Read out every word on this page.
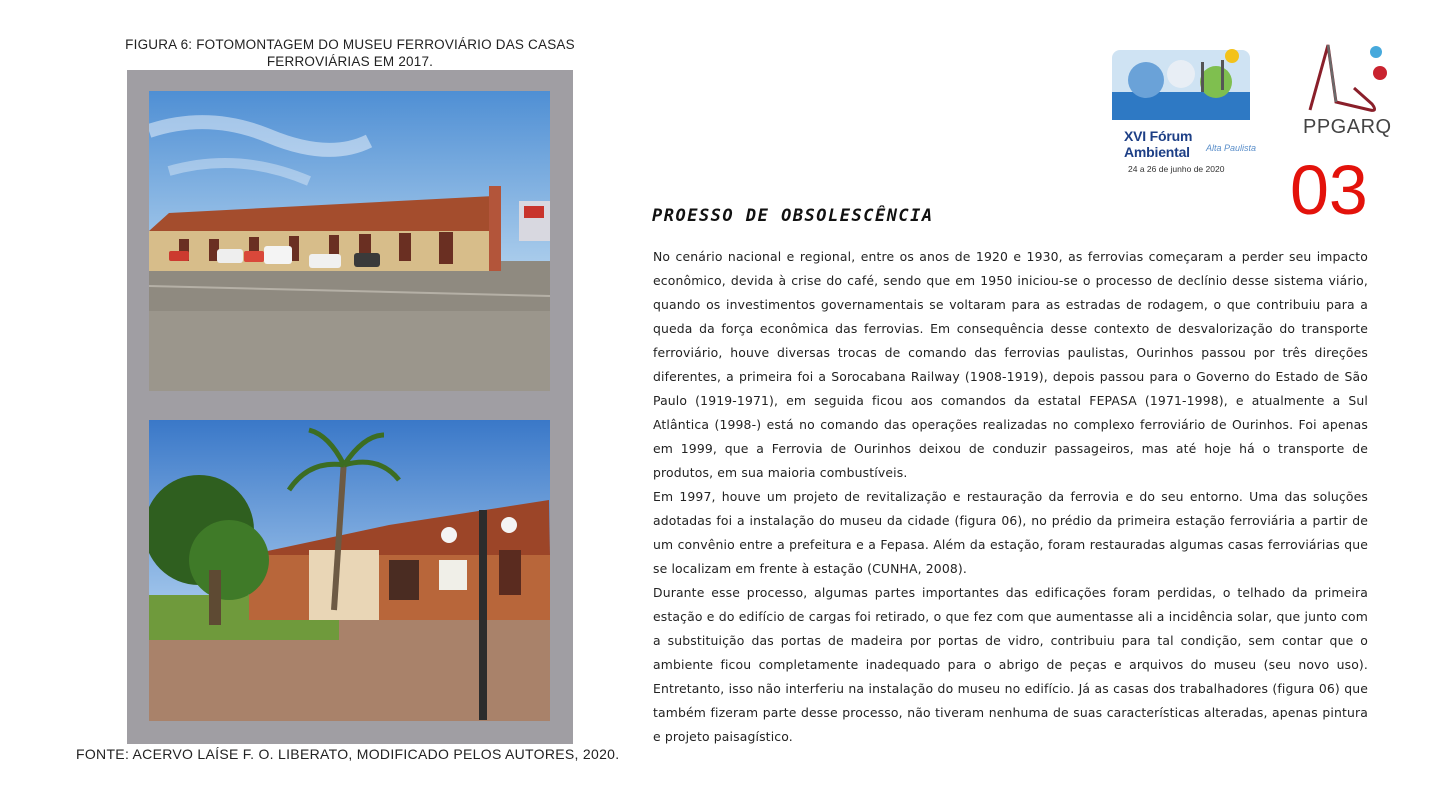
FIGURA 6: FOTOMONTAGEM DO MUSEU FERROVIÁRIO DAS CASAS FERROVIÁRIAS EM 2017.
FONTE: ACERVO LAÍSE F. O. LIBERATO, MODIFICADO PELOS AUTORES, 2020.
XVI Fórum Ambiental	Alta Paulista
24 a 26 de junho de 2020
PPGARQ
03
PROESSO DE OBSOLESCÊNCIA

No cenário nacional e regional, entre os anos de 1920 e 1930, as ferrovias começaram a perder seu impacto econômico, devida à crise do café, sendo que em 1950 iniciou-se o processo de declínio desse sistema viário, quando os investimentos governamentais se voltaram para as estradas de rodagem, o que contribuiu para a queda da força econômica das ferrovias. Em consequência desse contexto de desvalorização do transporte ferroviário, houve diversas trocas de comando das ferrovias paulistas, Ourinhos passou por três direções diferentes, a primeira foi a Sorocabana Railway (1908-1919), depois passou para o Governo do Estado de São Paulo (1919-1971), em seguida ficou aos comandos da estatal FEPASA (1971-1998), e atualmente a Sul Atlântica (1998-) está no comando das operações realizadas no complexo ferroviário de Ourinhos. Foi apenas em 1999, que a Ferrovia de Ourinhos deixou de conduzir passageiros, mas até hoje há o transporte de produtos, em sua maioria combustíveis.

Em 1997, houve um projeto de revitalização e restauração da ferrovia e do seu entorno. Uma das soluções adotadas foi a instalação do museu da cidade (figura 06), no prédio da primeira estação ferroviária a partir de um convênio entre a prefeitura e a Fepasa. Além da estação, foram restauradas algumas casas ferroviárias que se localizam em frente à estação (CUNHA, 2008).

Durante esse processo, algumas partes importantes das edificações foram perdidas, o telhado da primeira estação e do edifício de cargas foi retirado, o que fez com que aumentasse ali a incidência solar, que junto com a substituição das portas de madeira por portas de vidro, contribuiu para tal condição, sem contar que o ambiente ficou completamente inadequado para o abrigo de peças e arquivos do museu (seu novo uso). Entretanto, isso não interferiu na instalação do museu no edifício. Já as casas dos trabalhadores (figura 06) que também fizeram parte desse processo, não tiveram nenhuma de suas características alteradas, apenas pintura e projeto paisagístico.
